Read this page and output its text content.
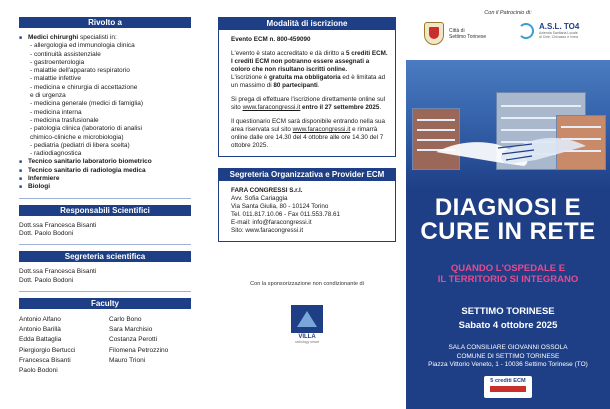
Rivolto a
■ Medici chirurghi specialisti in:
- allergologia ed immunologia clinica
- continuità assistenziale
- gastroenterologia
- malattie dell'apparato respiratorio
- malattie infettive
- medicina e chirurgia di accettazione
e di urgenza
- medicina generale (medici di famiglia)
- medicina interna
- medicina trasfusionale
- patologia clinica (laboratorio di analisi
chimico-cliniche e microbiologia)
- pediatria (pediatri di libera scelta)
- radiodiagnostica
■ Tecnico sanitario laboratorio biometrico
■ Tecnico sanitario di radiologia medica
■ Infermiere
■ Biologi
Responsabili Scientifici
Dott.ssa Francesca Bisanti
Dott. Paolo Bodoni
Segreteria scientifica
Dott.ssa Francesca Bisanti
Dott. Paolo Bodoni
Faculty
Antonio Alfano
Antonio Barillà
Edda Battaglia
Piergiorgio Bertucci
Francesca Bisanti
Paolo Bodoni
Carlo Bono
Sara Marchisio
Costanza Perotti
Filomena Petrozzino
Mauro Trioni
Modalità di iscrizione
Evento ECM n. 800-459090
L'evento è stato accreditato e dà diritto a 5 crediti ECM. I crediti ECM non potranno essere assegnati a coloro che non risultano iscritti online.
L'iscrizione è gratuita ma obbligatoria ed è limitata ad un massimo di 80 partecipanti.
Si prega di effettuare l'iscrizione direttamente online sul sito www.faracongressi.it entro il 27 settembre 2025.
Il questionario ECM sarà disponibile entrando nella sua area riservata sul sito www.faracongressi.it e rimarrà online dalle ore 14.30 del 4 ottobre alle ore 14.30 del 7 ottobre 2025.
Segreteria Organizzativa e Provider ECM
FARA CONGRESSI S.r.l.
Avv. Sofia Cariaggia
Via Santa Giulia, 80 - 10124 Torino
Tel. 011.817.10.06 - Fax 011.553.78.61
E-mail: info@faracongressi.it
Sito: www.faracongressi.it
Con la sponsorizzazione non condizionante di
VILLA
radiology smart
Con il Patrocinio di:
Città di
Settimo Torinese
A.S.L. TO4
Azienda Sanitaria Locale
di Ciriè, Chivasso e Ivrea
DIAGNOSI E
CURE IN RETE
QUANDO L'OSPEDALE E
IL TERRITORIO SI INTEGRANO
SETTIMO TORINESE
Sabato 4 ottobre 2025
SALA CONSILIARE GIOVANNI OSSOLA
COMUNE DI SETTIMO TORINESE
Piazza Vittorio Veneto, 1 - 10036 Settimo Torinese (TO)
5 crediti ECM
